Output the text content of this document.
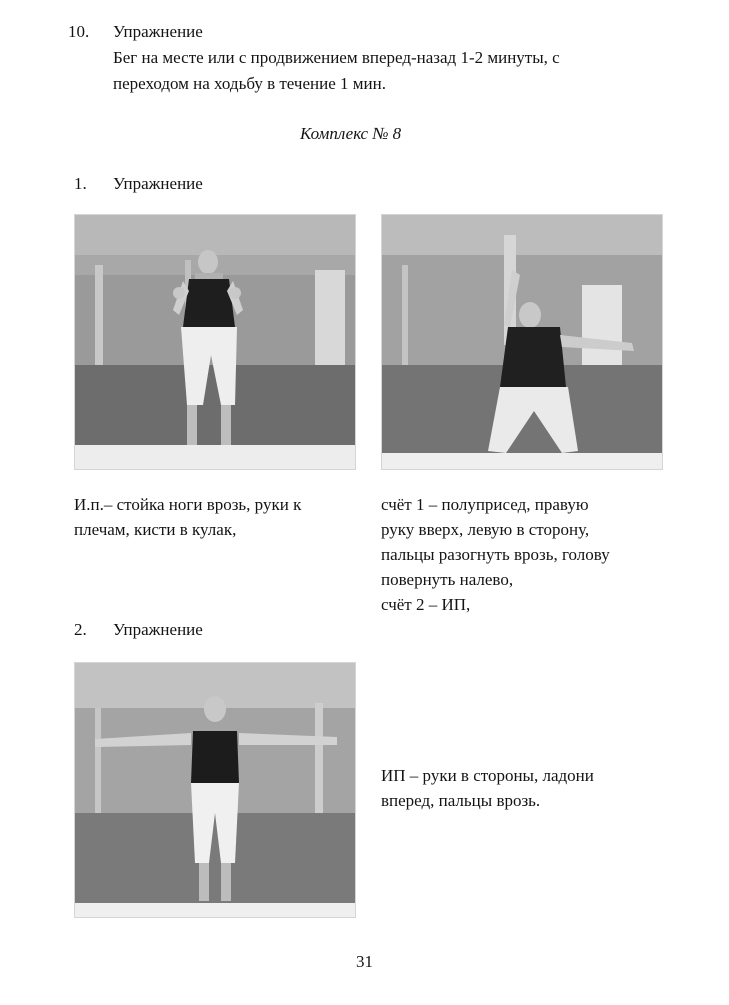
10. Упражнение
Бег на месте или с продвижением вперед-назад 1-2 минуты, с
переходом на ходьбу в течение 1 мин.
Комплекс № 8
1. Упражнение
И.п.– стойка ноги врозь, руки к
плечам, кисти в кулак,
счёт 1 – полуприсед, правую
руку вверх, левую в сторону,
пальцы разогнуть врозь, голову
повернуть налево,
счёт 2 – ИП,
2. Упражнение
ИП – руки в стороны, ладони
вперед, пальцы врозь.
31
